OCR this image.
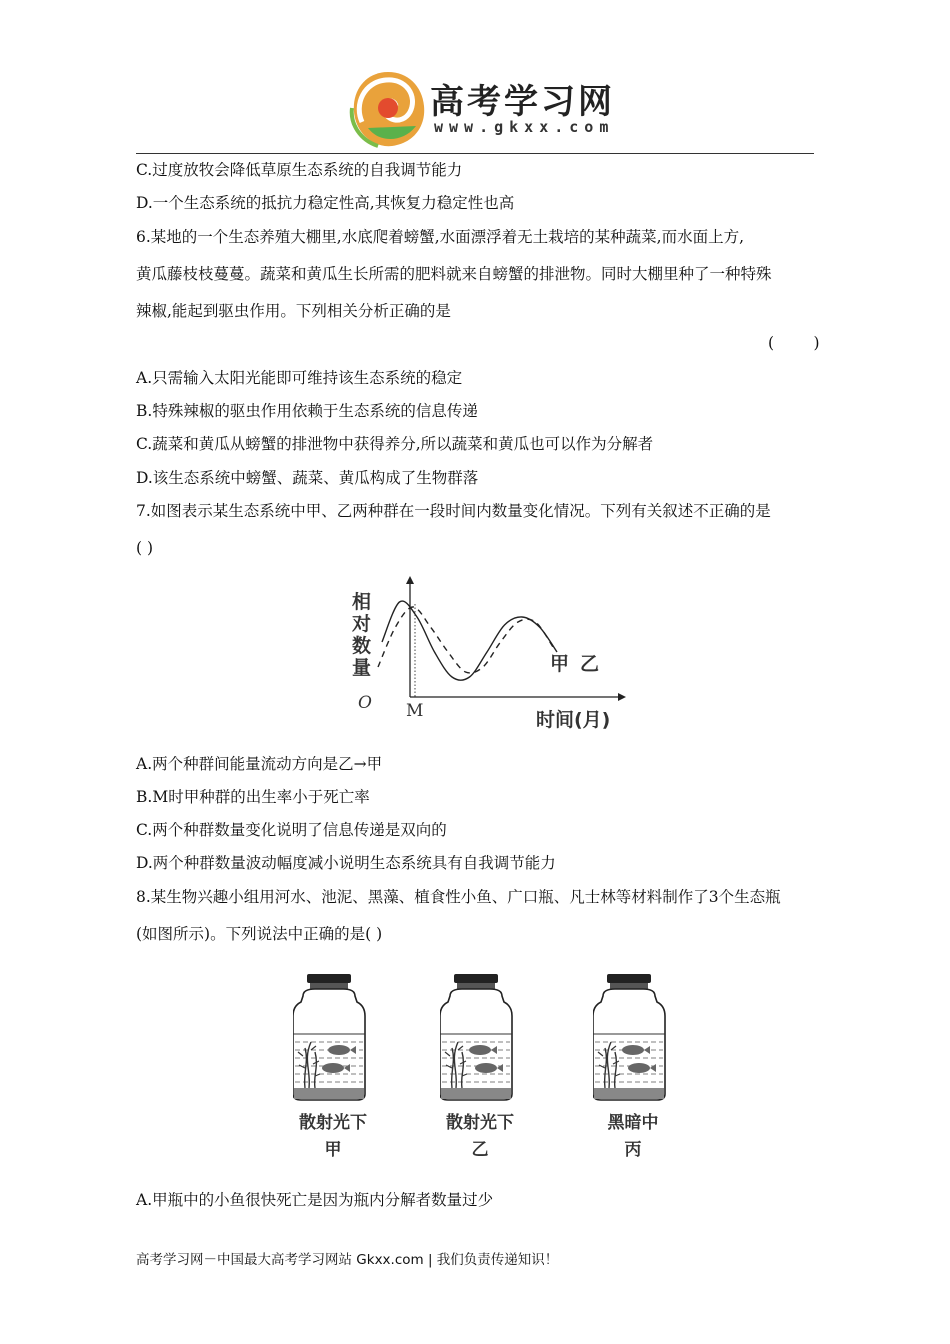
高考学习网
www.gkxx.com
C.过度放牧会降低草原生态系统的自我调节能力
D.一个生态系统的抵抗力稳定性高,其恢复力稳定性也高
6.某地的一个生态养殖大棚里,水底爬着螃蟹,水面漂浮着无土栽培的某种蔬菜,而水面上方,
黄瓜藤枝枝蔓蔓。蔬菜和黄瓜生长所需的肥料就来自螃蟹的排泄物。同时大棚里种了一种特殊
辣椒,能起到驱虫作用。下列相关分析正确的是
(        )
A.只需输入太阳光能即可维持该生态系统的稳定
B.特殊辣椒的驱虫作用依赖于生态系统的信息传递
C.蔬菜和黄瓜从螃蟹的排泄物中获得养分,所以蔬菜和黄瓜也可以作为分解者
D.该生态系统中螃蟹、蔬菜、黄瓜构成了生物群落
7.如图表示某生态系统中甲、乙两种群在一段时间内数量变化情况。下列有关叙述不正确的是
( )
相
对
数
量
O M	时间(月)
甲 乙
A.两个种群间能量流动方向是乙→甲
B.M时甲种群的出生率小于死亡率
C.两个种群数量变化说明了信息传递是双向的
D.两个种群数量波动幅度减小说明生态系统具有自我调节能力
8.某生物兴趣小组用河水、池泥、黑藻、植食性小鱼、广口瓶、凡士林等材料制作了3个生态瓶
(如图所示)。下列说法中正确的是( )
散射光下
甲
散射光下
乙
黑暗中
丙
A.甲瓶中的小鱼很快死亡是因为瓶内分解者数量过少
高考学习网－中国最大高考学习网站 Gkxx.com | 我们负责传递知识！
